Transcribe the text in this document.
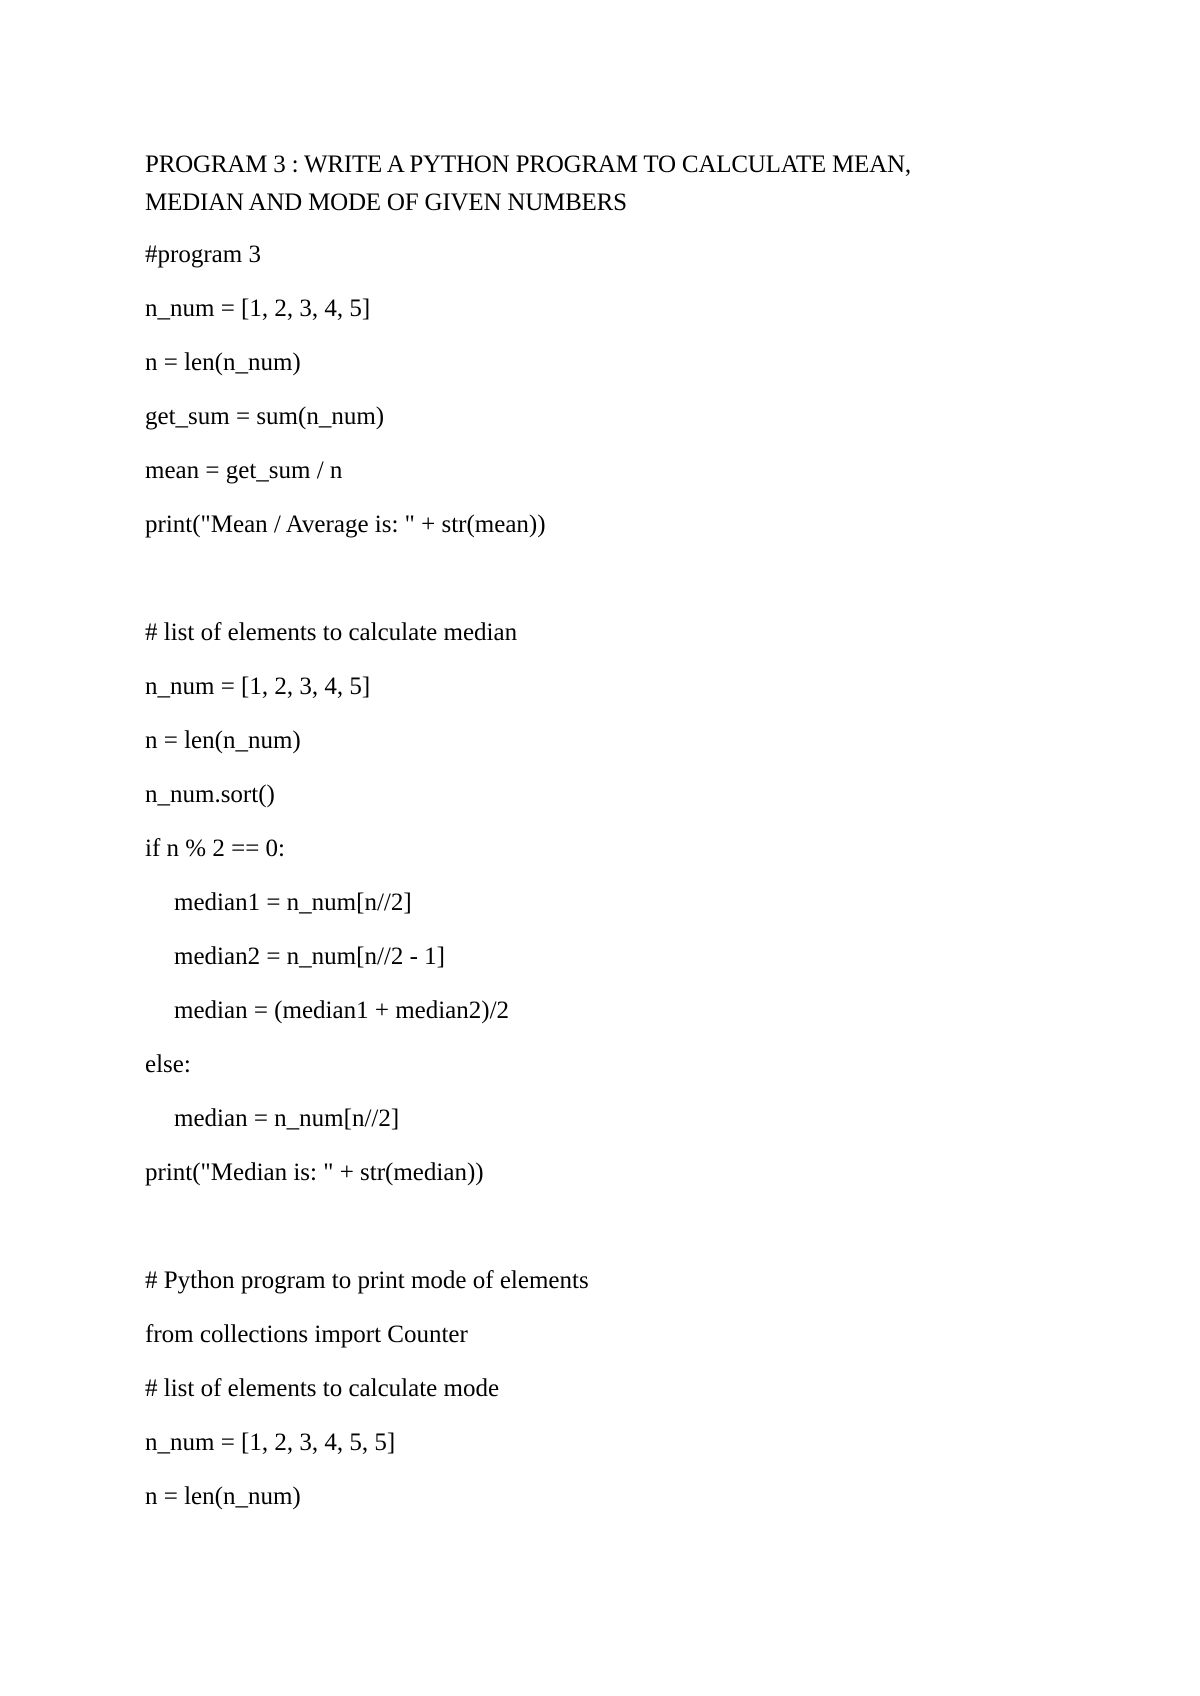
PROGRAM 3 : WRITE A PYTHON PROGRAM TO CALCULATE MEAN,
MEDIAN AND MODE OF GIVEN NUMBERS
#program 3
n_num = [1, 2, 3, 4, 5]
n = len(n_num)
get_sum = sum(n_num)
mean = get_sum / n
print("Mean / Average is: " + str(mean))
# list of elements to calculate median
n_num = [1, 2, 3, 4, 5]
n = len(n_num)
n_num.sort()
if n % 2 == 0:
median1 = n_num[n//2]
median2 = n_num[n//2 - 1]
median = (median1 + median2)/2
else:
median = n_num[n//2]
print("Median is: " + str(median))
# Python program to print mode of elements
from collections import Counter
# list of elements to calculate mode
n_num = [1, 2, 3, 4, 5, 5]
n = len(n_num)
